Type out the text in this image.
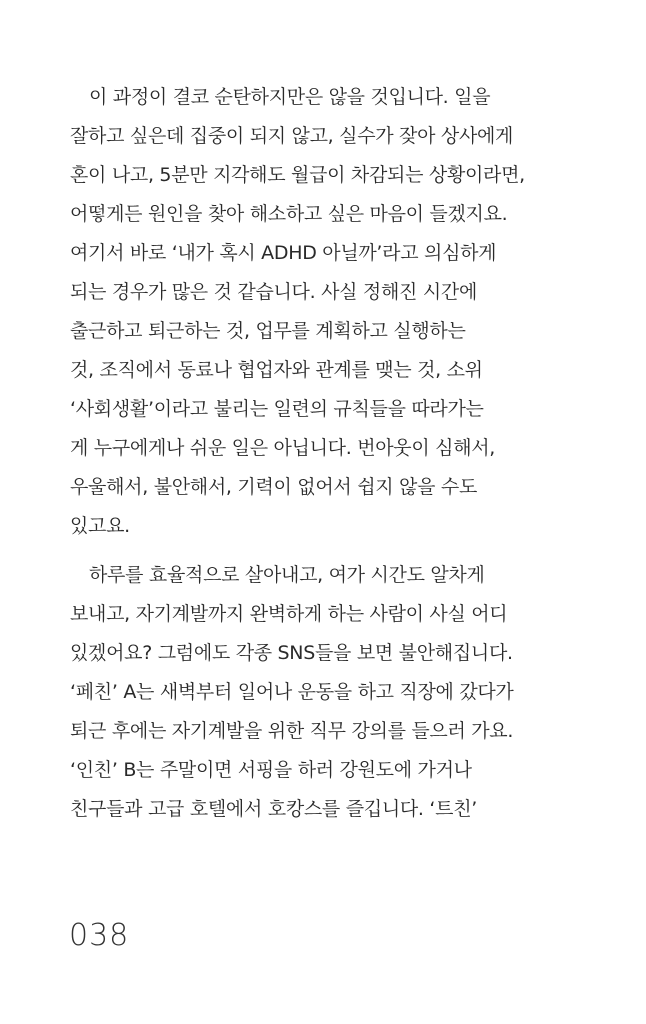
이 과정이 결코 순탄하지만은 않을 것입니다. 일을
잘하고 싶은데 집중이 되지 않고, 실수가 잦아 상사에게
혼이 나고, 5분만 지각해도 월급이 차감되는 상황이라면,
어떻게든 원인을 찾아 해소하고 싶은 마음이 들겠지요.
여기서 바로 ‘내가 혹시 ADHD 아닐까’라고 의심하게
되는 경우가 많은 것 같습니다. 사실 정해진 시간에
출근하고 퇴근하는 것, 업무를 계획하고 실행하는
것, 조직에서 동료나 협업자와 관계를 맺는 것, 소위
‘사회생활’이라고 불리는 일련의 규칙들을 따라가는
게 누구에게나 쉬운 일은 아닙니다. 번아웃이 심해서,
우울해서, 불안해서, 기력이 없어서 쉽지 않을 수도
있고요.
하루를 효율적으로 살아내고, 여가 시간도 알차게
보내고, 자기계발까지 완벽하게 하는 사람이 사실 어디
있겠어요? 그럼에도 각종 SNS들을 보면 불안해집니다.
‘페친’ A는 새벽부터 일어나 운동을 하고 직장에 갔다가
퇴근 후에는 자기계발을 위한 직무 강의를 들으러 가요.
‘인친’ B는 주말이면 서핑을 하러 강원도에 가거나
친구들과 고급 호텔에서 호캉스를 즐깁니다. ‘트친’
038
